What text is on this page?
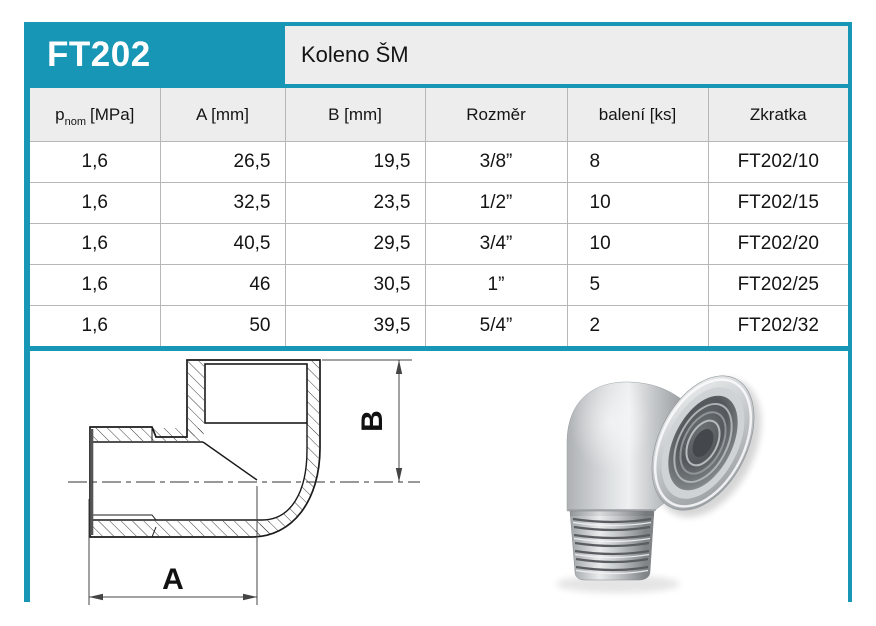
FT202	Koleno ŠM
$p_{nom}$ [MPa]	A [mm]	B [mm]	Rozměr	balení [ks]	Zkratka
1,6	26,5	19,5	3/8”	8	FT202/10
1,6	32,5	23,5	1/2”	10	FT202/15
1,6	40,5	29,5	3/4”	10	FT202/20
1,6	46	30,5	1”	5	FT202/25
1,6	50	39,5	5/4”	2	FT202/32
A
B
